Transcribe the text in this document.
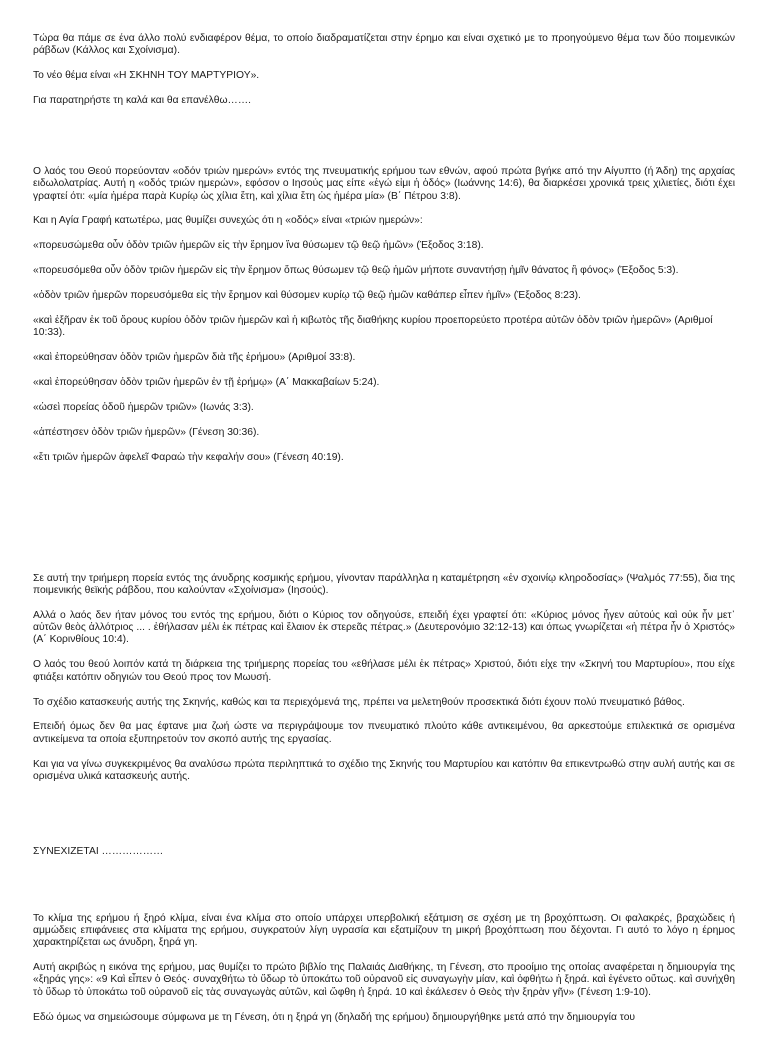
Τώρα θα πάμε σε ένα άλλο πολύ ενδιαφέρον θέμα, το οποίο διαδραματίζεται στην έρημο και είναι σχετικό με το προηγούμενο θέμα των δύο ποιμενικών ράβδων (Κάλλος και Σχοίνισμα).

Το νέο θέμα είναι «Η ΣΚΗΝΗ ΤΟΥ ΜΑΡΤΥΡΙΟΥ».

Για παρατηρήστε τη καλά και θα επανέλθω…….

Ο λαός του Θεού πορεύονταν «οδόν τριών ημερών» εντός της πνευματικής ερήμου των εθνών, αφού πρώτα βγήκε από την Αίγυπτο (ή Άδη) της αρχαίας ειδωλολατρίας. Αυτή η «οδός τριών ημερών», εφόσον ο Ιησούς μας είπε «ἐγώ εἰμι ἡ ὁδός» (Ιωάννης 14:6), θα διαρκέσει χρονικά τρεις χιλιετίες, διότι έχει γραφτεί ότι: «μία ἡμέρα παρὰ Κυρίῳ ὡς χίλια ἔτη, καὶ χίλια ἔτη ὡς ἡμέρα μία» (Β΄ Πέτρου 3:8).

Και η Αγία Γραφή κατωτέρω, μας θυμίζει συνεχώς ότι η «οδός» είναι «τριών ημερών»:

«πορευσώμεθα οὖν ὁδὸν τριῶν ἡμερῶν εἰς τὴν ἔρημον ἵνα θύσωμεν τῷ θεῷ ἡμῶν» (Έξοδος 3:18).

«πορευσόμεθα οὖν ὁδὸν τριῶν ἡμερῶν εἰς τὴν ἔρημον ὅπως θύσωμεν τῷ θεῷ ἡμῶν μήποτε συναντήσῃ ἡμῖν θάνατος ἢ φόνος» (Έξοδος 5:3).

«ὁδὸν τριῶν ἡμερῶν πορευσόμεθα εἰς τὴν ἔρημον καὶ θύσομεν κυρίῳ τῷ θεῷ ἡμῶν καθάπερ εἶπεν ἡμῖν» (Έξοδος 8:23).

«καὶ ἐξῆραν ἐκ τοῦ ὄρους κυρίου ὁδὸν τριῶν ἡμερῶν καὶ ἡ κιβωτὸς τῆς διαθήκης κυρίου προεπορεύετο προτέρα αὐτῶν ὁδὸν τριῶν ἡμερῶν» (Αριθμοί 10:33).

«καὶ ἐπορεύθησαν ὁδὸν τριῶν ἡμερῶν διὰ τῆς ἐρήμου» (Αριθμοί 33:8).

«καὶ ἐπορεύθησαν ὁδὸν τριῶν ἡμερῶν ἐν τῇ ἐρήμῳ» (Α΄ Μακκαβαίων 5:24).

«ὡσεὶ πορείας ὁδοῦ ἡμερῶν τριῶν» (Ιωνάς 3:3).

«ἀπέστησεν ὁδὸν τριῶν ἡμερῶν» (Γένεση 30:36).

«ἔτι τριῶν ἡμερῶν ἀφελεῖ Φαραὼ τὴν κεφαλήν σου» (Γένεση 40:19).

Σε αυτή την τριήμερη πορεία εντός της άνυδρης κοσμικής ερήμου, γίνονταν παράλληλα η καταμέτρηση «ἐν σχοινίῳ κληροδοσίας» (Ψαλμός 77:55), δια της ποιμενικής θεϊκής ράβδου, που καλούνταν «Σχοίνισμα» (Ιησούς).

Αλλά ο λαός δεν ήταν μόνος του εντός της ερήμου, διότι ο Κύριος τον οδηγούσε, επειδή έχει γραφτεί ότι: «Κύριος μόνος ἦγεν αὐτούς καὶ οὐκ ἦν μετ᾽ αὐτῶν θεὸς ἀλλότριος ... . ἐθήλασαν μέλι ἐκ πέτρας καὶ ἔλαιον ἐκ στερεᾶς πέτρας.» (Δευτερονόμιο 32:12-13) και όπως γνωρίζεται «ἡ πέτρα ἦν ὁ Χριστός» (Α΄ Κορινθίους 10:4).

Ο λαός του θεού λοιπόν κατά τη διάρκεια της τριήμερης πορείας του «εθήλασε μέλι ἐκ πέτρας» Χριστού, διότι είχε την «Σκηνή του Μαρτυρίου», που είχε φτιάξει κατόπιν οδηγιών του Θεού προς τον Μωυσή.

Το σχέδιο κατασκευής αυτής της Σκηνής, καθώς και τα περιεχόμενά της, πρέπει να μελετηθούν προσεκτικά διότι έχουν πολύ πνευματικό βάθος.

Επειδή όμως δεν θα μας έφτανε μια ζωή ώστε να περιγράψουμε τον πνευματικό πλούτο κάθε αντικειμένου, θα αρκεστούμε επιλεκτικά σε ορισμένα αντικείμενα τα οποία εξυπηρετούν τον σκοπό αυτής της εργασίας.

Και για να γίνω συγκεκριμένος θα αναλύσω πρώτα περιληπτικά το σχέδιο της Σκηνής του Μαρτυρίου και κατόπιν θα επικεντρωθώ στην αυλή αυτής και σε ορισμένα υλικά κατασκευής αυτής.

ΣΥΝΕΧΙΖΕΤΑΙ ………………

Το κλίμα της ερήμου ή ξηρό κλίμα, είναι ένα κλίμα στο οποίο υπάρχει υπερβολική εξάτμιση σε σχέση με τη βροχόπτωση. Οι φαλακρές, βραχώδεις ή αμμώδεις επιφάνειες στα κλίματα της ερήμου, συγκρατούν λίγη υγρασία και εξατμίζουν τη μικρή βροχόπτωση που δέχονται. Γι αυτό το λόγο η έρημος χαρακτηρίζεται ως άνυδρη, ξηρά γη.

Αυτή ακριβώς η εικόνα της ερήμου, μας θυμίζει το πρώτο βιβλίο της Παλαιάς Διαθήκης, τη Γένεση, στο προοίμιο της οποίας αναφέρεται η δημιουργία της «ξηράς γης»: «9 Καὶ εἶπεν ὁ Θεός· συναχθήτω τὸ ὕδωρ τὸ ὑποκάτω τοῦ οὐρανοῦ εἰς συναγωγὴν μίαν, καὶ ὀφθήτω ἡ ξηρά. καὶ ἐγένετο οὕτως. καὶ συνήχθη τὸ ὕδωρ τὸ ὑποκάτω τοῦ οὐρανοῦ εἰς τὰς συναγωγὰς αὐτῶν, καὶ ὤφθη ἡ ξηρά. 10 καὶ ἐκάλεσεν ὁ Θεὸς τὴν ξηρὰν γῆν» (Γένεση 1:9-10).

Εδώ όμως να σημειώσουμε σύμφωνα με τη Γένεση, ότι η ξηρά γη (δηλαδή της ερήμου) δημιουργήθηκε μετά από την δημιουργία του
